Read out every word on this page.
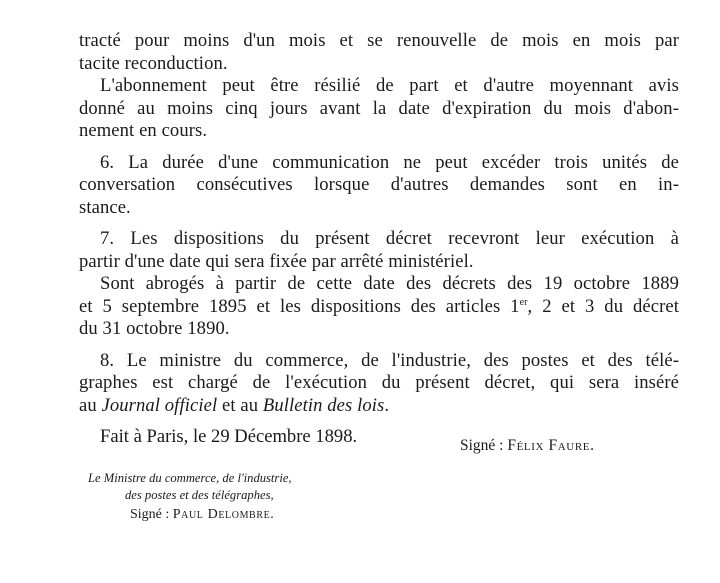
tracté pour moins d'un mois et se renouvelle de mois en mois par
tacite reconduction.
L'abonnement peut être résilié de part et d'autre moyennant avis
donné au moins cinq jours avant la date d'expiration du mois d'abon-
nement en cours.
6. La durée d'une communication ne peut excéder trois unités de
conversation consécutives lorsque d'autres demandes sont en in-
stance.
7. Les dispositions du présent décret recevront leur exécution à
partir d'une date qui sera fixée par arrêté ministériel.
Sont abrogés à partir de cette date des décrets des 19 octobre 1889
et 5 septembre 1895 et les dispositions des articles 1er, 2 et 3 du décret
du 31 octobre 1890.
8. Le ministre du commerce, de l'industrie, des postes et des télé-
graphes est chargé de l'exécution du présent décret, qui sera inséré
au Journal officiel et au Bulletin des lois.
Fait à Paris, le 29 Décembre 1898.	Signé : Félix Faure.
Le Ministre du commerce, de l'industrie,
des postes et des télégraphes,
Signé : Paul Delombre.
